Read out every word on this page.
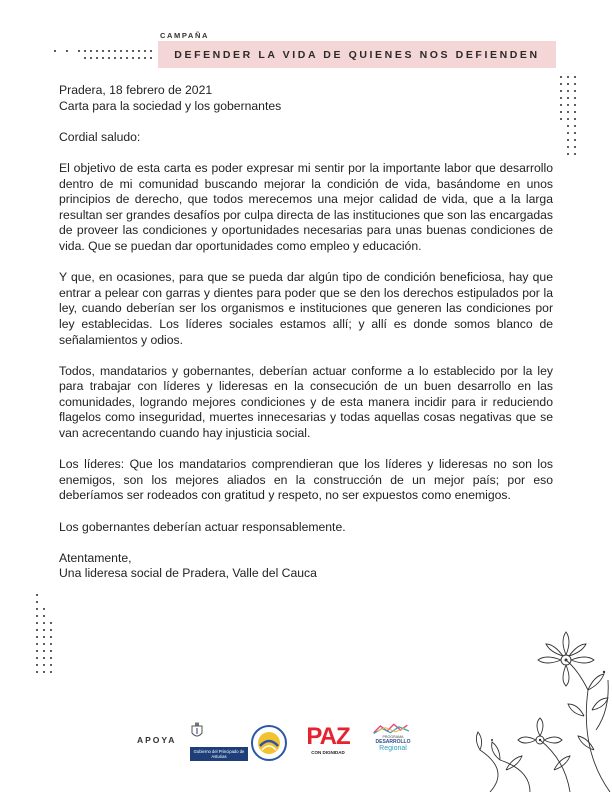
CAMPAÑA
DEFENDER LA VIDA DE QUIENES NOS DEFIENDEN

Pradera, 18 febrero de 2021
Carta para la sociedad y los gobernantes

Cordial saludo:

El objetivo de esta carta es poder expresar mi sentir por la importante labor que desarrollo dentro de mi comunidad buscando mejorar la condición de vida, basándome en unos principios de derecho, que todos merecemos una mejor calidad de vida, que a la larga resultan ser grandes desafíos por culpa directa de las instituciones que son las encargadas de proveer las condiciones y oportunidades necesarias para unas buenas condiciones de vida. Que se puedan dar oportunidades como empleo y educación.

Y que, en ocasiones, para que se pueda dar algún tipo de condición beneficiosa, hay que entrar a pelear con garras y dientes para poder que se den los derechos estipulados por la ley, cuando deberían ser los organismos e instituciones que generen las condiciones por ley establecidas. Los líderes sociales estamos allí; y allí es donde somos blanco de señalamientos y odios.

Todos, mandatarios y gobernantes, deberían actuar conforme a lo establecido por la ley para trabajar con líderes y lideresas en la consecución de un buen desarrollo en las comunidades, logrando mejores condiciones y de esta manera incidir para ir reduciendo flagelos como inseguridad, muertes innecesarias y todas aquellas cosas negativas que se van acrecentando cuando hay injusticia social.

Los líderes: Que los mandatarios comprendieran que los líderes y lideresas no son los enemigos, son los mejores aliados en la construcción de un mejor país; por eso deberíamos ser rodeados con gratitud y respeto, no ser expuestos como enemigos.

Los gobernantes deberían actuar responsablemente.

Atentamente,
Una lideresa social de Pradera, Valle del Cauca

APOYA
Gobierno del Principado de Asturias
PAZ
CON DIGNIDAD
PROGRAMA
DESARROLLO
Regional
